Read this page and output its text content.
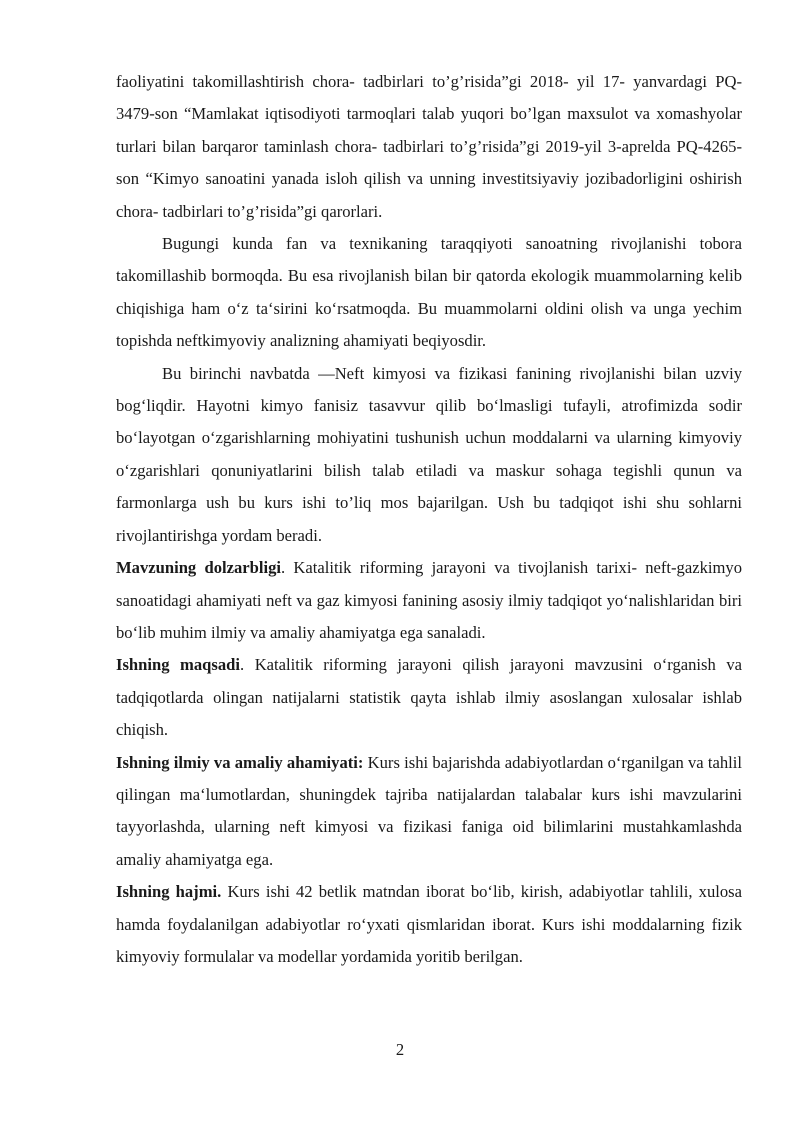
faoliyatini takomillashtirish chora- tadbirlari to’g’risida”gi 2018- yil 17- yanvardagi PQ-3479-son “Mamlakat iqtisodiyoti tarmoqlari talab yuqori bo’lgan maxsulot va xomashyolar turlari bilan barqaror taminlash chora- tadbirlari to’g’risida”gi 2019-yil 3-aprelda PQ-4265-son “Kimyo sanoatini yanada isloh qilish va unning investitsiyaviy jozibadorligini oshirish chora- tadbirlari to’g’risida”gi qarorlari.

Bugungi kunda fan va texnikaning taraqqiyoti sanoatning rivojlanishi tobora takomillashib bormoqda. Bu esa rivojlanish bilan bir qatorda ekologik muammolarning kelib chiqishiga ham o‘z ta‘sirini ko‘rsatmoqda. Bu muammolarni oldini olish va unga yechim topishda neftkimyoviy analizning ahamiyati beqiyosdir.

Bu birinchi navbatda —Neft kimyosi va fizikasi fanining rivojlanishi bilan uzviy bog‘liqdir. Hayotni kimyo fanisiz tasavvur qilib bo‘lmasligi tufayli, atrofimizda sodir bo‘layotgan o‘zgarishlarning mohiyatini tushunish uchun moddalarni va ularning kimyoviy o‘zgarishlari qonuniyatlarini bilish talab etiladi va maskur sohaga tegishli qunun va farmonlarga ush bu kurs ishi to’liq mos bajarilgan. Ush bu tadqiqot ishi shu sohlarni rivojlantirishga yordam beradi.

Mavzuning dolzarbligi. Katalitik riforming jarayoni va tivojlanish tarixi- neft-gazkimyo sanoatidagi ahamiyati neft va gaz kimyosi fanining asosiy ilmiy tadqiqot yo‘nalishlaridan biri bo‘lib muhim ilmiy va amaliy ahamiyatga ega sanaladi.

Ishning maqsadi. Katalitik riforming jarayoni qilish jarayoni mavzusini o‘rganish va tadqiqotlarda olingan natijalarni statistik qayta ishlab ilmiy asoslangan xulosalar ishlab chiqish.

Ishning ilmiy va amaliy ahamiyati: Kurs ishi bajarishda adabiyotlardan o‘rganilgan va tahlil qilingan ma‘lumotlardan, shuningdek tajriba natijalardan talabalar kurs ishi mavzularini tayyorlashda, ularning neft kimyosi va fizikasi faniga oid bilimlarini mustahkamlashda amaliy ahamiyatga ega.

Ishning hajmi. Kurs ishi 42 betlik matndan iborat bo‘lib, kirish, adabiyotlar tahlili, xulosa hamda foydalanilgan adabiyotlar ro‘yxati qismlaridan iborat. Kurs ishi moddalarning fizik kimyoviy formulalar va modellar yordamida yoritib berilgan.

2
